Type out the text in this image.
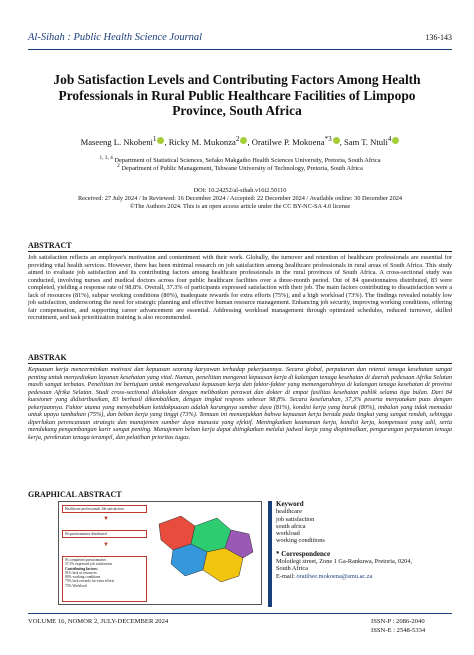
Al-Sihah : Public Health Science Journal	136-143
Job Satisfaction Levels and Contributing Factors Among Health Professionals in Rural Public Healthcare Facilities of Limpopo Province, South Africa
Maseeng L. Nkobeni$^1$ , Ricky M. Mukonza$^2$ , Oratilwe P. Mokoena$^{*3}$ , Sam T. Ntuli$^4$
$^{1, 3, 4}$ Department of Statistical Sciences, Sefako Makgatho Health Sciences University, Pretoria, South Africa
$^2$ Department of Public Management, Tshwane University of Technology, Pretoria, South Africa
DOI: 10.24252/al-sihah.v16i2.50110
Received: 27 July 2024 / In Reviewed: 16 December 2024 / Accepted: 22 December 2024 / Available online: 30 December 2024
©The Authors 2024. This is an open access article under the CC BY-NC-SA 4.0 license
ABSTRACT

Job satisfaction reflects an employee's motivation and contentment with their work. Globally, the turnover and retention of healthcare professionals are essential for providing vital health services. However, there has been minimal research on job satisfaction among healthcare professionals in rural areas of South Africa. This study aimed to evaluate job satisfaction and its contributing factors among healthcare professionals in the rural provinces of South Africa. A cross-sectional study was conducted, involving nurses and medical doctors across four public healthcare facilities over a three-month period. Out of 84 questionnaires distributed, 83 were completed, yielding a response rate of 98.8%. Overall, 37.3% of participants expressed satisfaction with their job. The main factors contributing to dissatisfaction were a lack of resources (81%), subpar working conditions (80%), inadequate rewards for extra efforts (75%), and a high workload (73%). The findings revealed notably low job satisfaction, underscoring the need for strategic planning and effective human resource management. Enhancing job security, improving working conditions, offering fair compensation, and supporting career advancement are essential. Addressing workload management through optimized schedules, reduced turnover, skilled recruitment, and task prioritization training is also recommended.

ABSTRAK

Kepuasan kerja mencerminkan motivasi dan kepuasan seorang karyawan terhadap pekerjaannya. Secara global, perputaran dan retensi tenaga kesehatan sangat penting untuk menyediakan layanan kesehatan yang vital. Namun, penelitian mengenai kepuasan kerja di kalangan tenaga kesehatan di daerah pedesaan Afrika Selatan masih sangat terbatas. Penelitian ini bertujuan untuk mengevaluasi kepuasan kerja dan faktor-faktor yang memengaruhinya di kalangan tenaga kesehatan di provinsi pedesaan Afrika Selatan. Studi cross-sectional dilakukan dengan melibatkan perawat dan dokter di empat fasilitas kesehatan publik selama tiga bulan. Dari 84 kuesioner yang didistribusikan, 83 berhasil dikembalikan, dengan tingkat respons sebesar 98,8%. Secara keseluruhan, 37,3% peserta menyatakan puas dengan pekerjaannya. Faktor utama yang menyebabkan ketidakpuasan adalah kurangnya sumber daya (81%), kondisi kerja yang buruk (80%), imbalan yang tidak memadai untuk upaya tambahan (75%), dan beban kerja yang tinggi (73%). Temuan ini menunjukkan bahwa kepuasan kerja berada pada tingkat yang sangat rendah, sehingga diperlukan perencanaan strategis dan manajemen sumber daya manusia yang efektif. Meningkatkan keamanan kerja, kondisi kerja, kompensasi yang adil, serta mendukung pengembangan karir sangat penting. Manajemen beban kerja dapat ditingkatkan melalui jadwal kerja yang dioptimalkan, pengurangan perputaran tenaga kerja, perekrutan tenaga terampil, dan pelatihan prioritas tugas.

GRAPHICAL ABSTRACT
Healthcare professionals Job satisfaction
▼
84 questionnaires distributed
▼
83 completed questionnaires
37.3% expressed job satisfaction
Contributing factors:
81% lack of resources
80% working conditions
75% lack rewards for extra efforts
73% Workload
Keyword
healthcare
job satisfaction
south africa
workload
working conditions
* Correspondence
Molotlegi street, Zone 1 Ga-Rankuwa, Pretoria, 0204,
South Africa
E-mail: oratilwe.mokoena@smu.ac.za
VOLUME 16, NOMOR 2, JULY-DECEMBER 2024	ISSN-P : 2086-2040
ISSN-E : 2548-5334
